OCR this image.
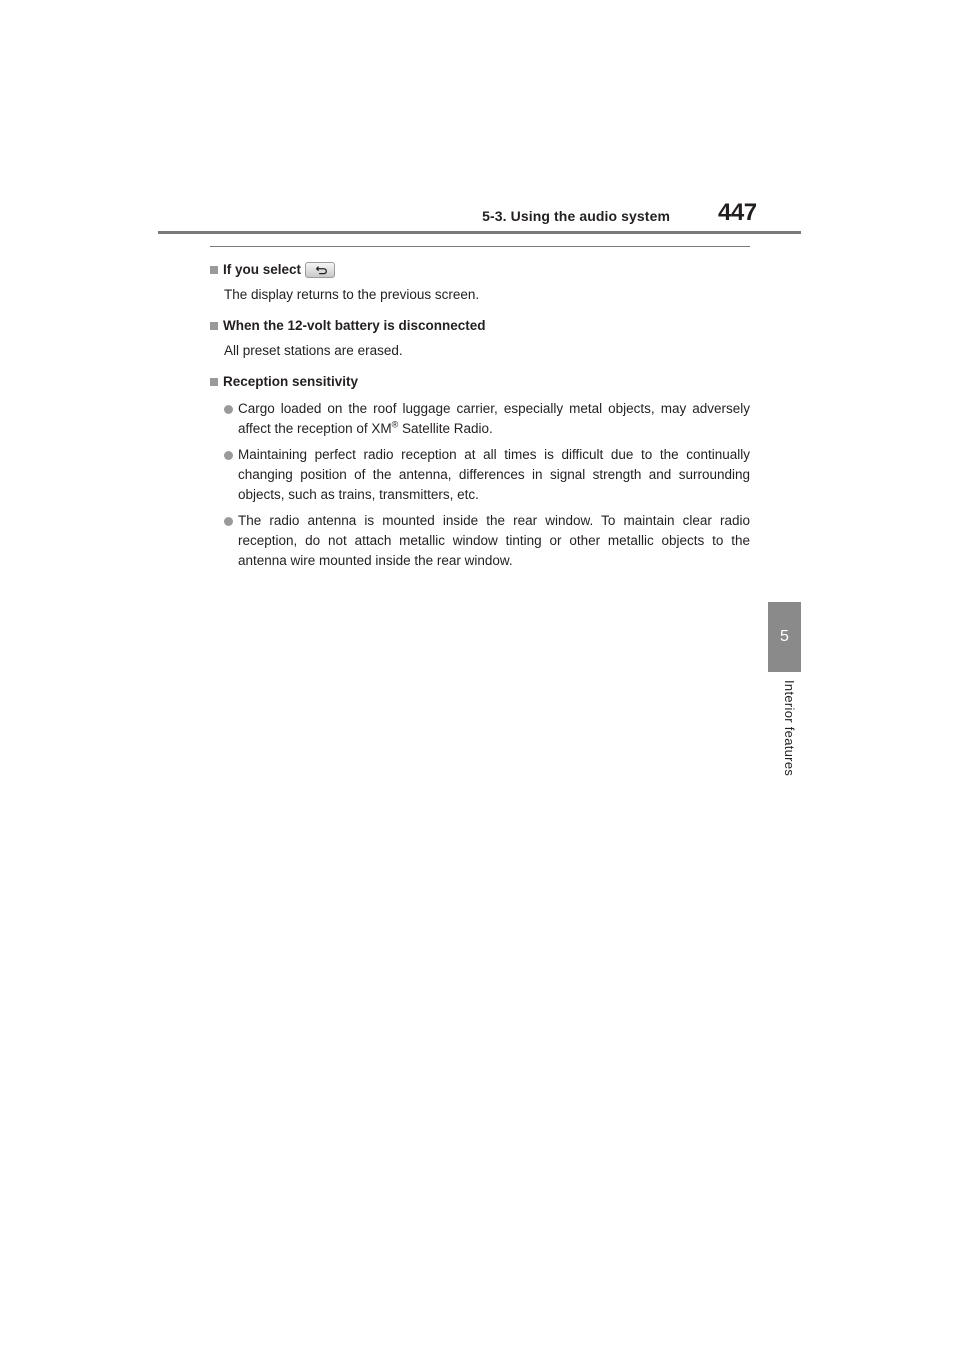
5-3. Using the audio system 447
5
Interior features
If you select
The display returns to the previous screen.
When the 12-volt battery is disconnected
All preset stations are erased.
Reception sensitivity
Cargo loaded on the roof luggage carrier, especially metal objects, may adversely affect the reception of XM® Satellite Radio.
Maintaining perfect radio reception at all times is difficult due to the continually changing position of the antenna, differences in signal strength and surrounding objects, such as trains, transmitters, etc.
The radio antenna is mounted inside the rear window. To maintain clear radio reception, do not attach metallic window tinting or other metallic objects to the antenna wire mounted inside the rear window.
